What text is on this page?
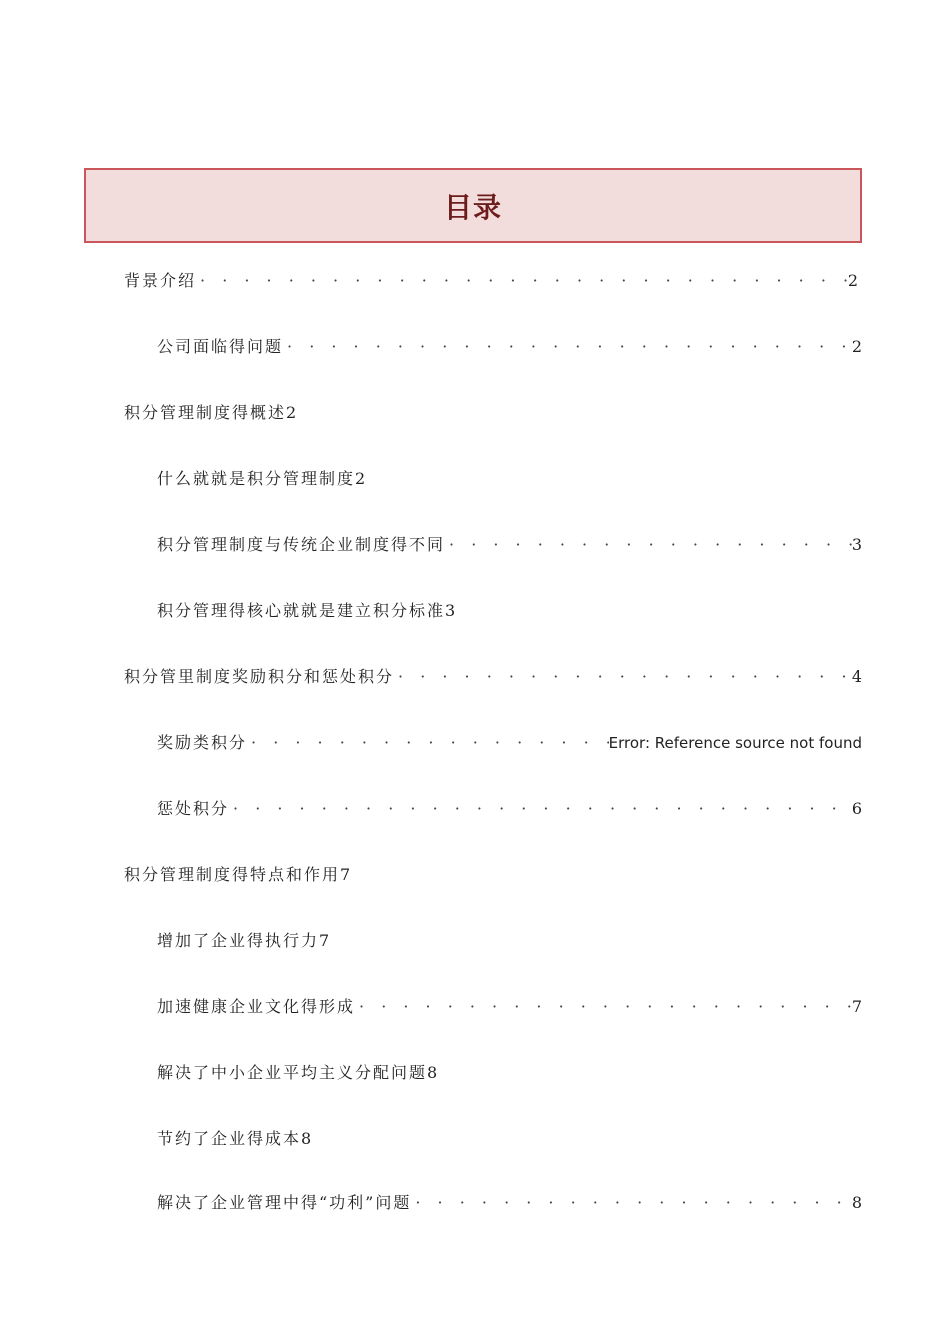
目录
背景介绍 · · ·	2
公司面临得问题 · · ·	2
积分管理制度得概述 2
什么就就是积分管理制度 2
积分管理制度与传统企业制度得不同 · · ·	3
积分管理得核心就就是建立积分标准 3
积分管里制度奖励积分和惩处积分 · · ·	4
奖励类积分 · · ·	Error: Reference source not found
惩处积分 · · ·	6
积分管理制度得特点和作用 7
增加了企业得执行力 7
加速健康企业文化得形成 · · ·	7
解决了中小企业平均主义分配问题 8
节约了企业得成本 8
解决了企业管理中得“功利”问题 · · ·	8
